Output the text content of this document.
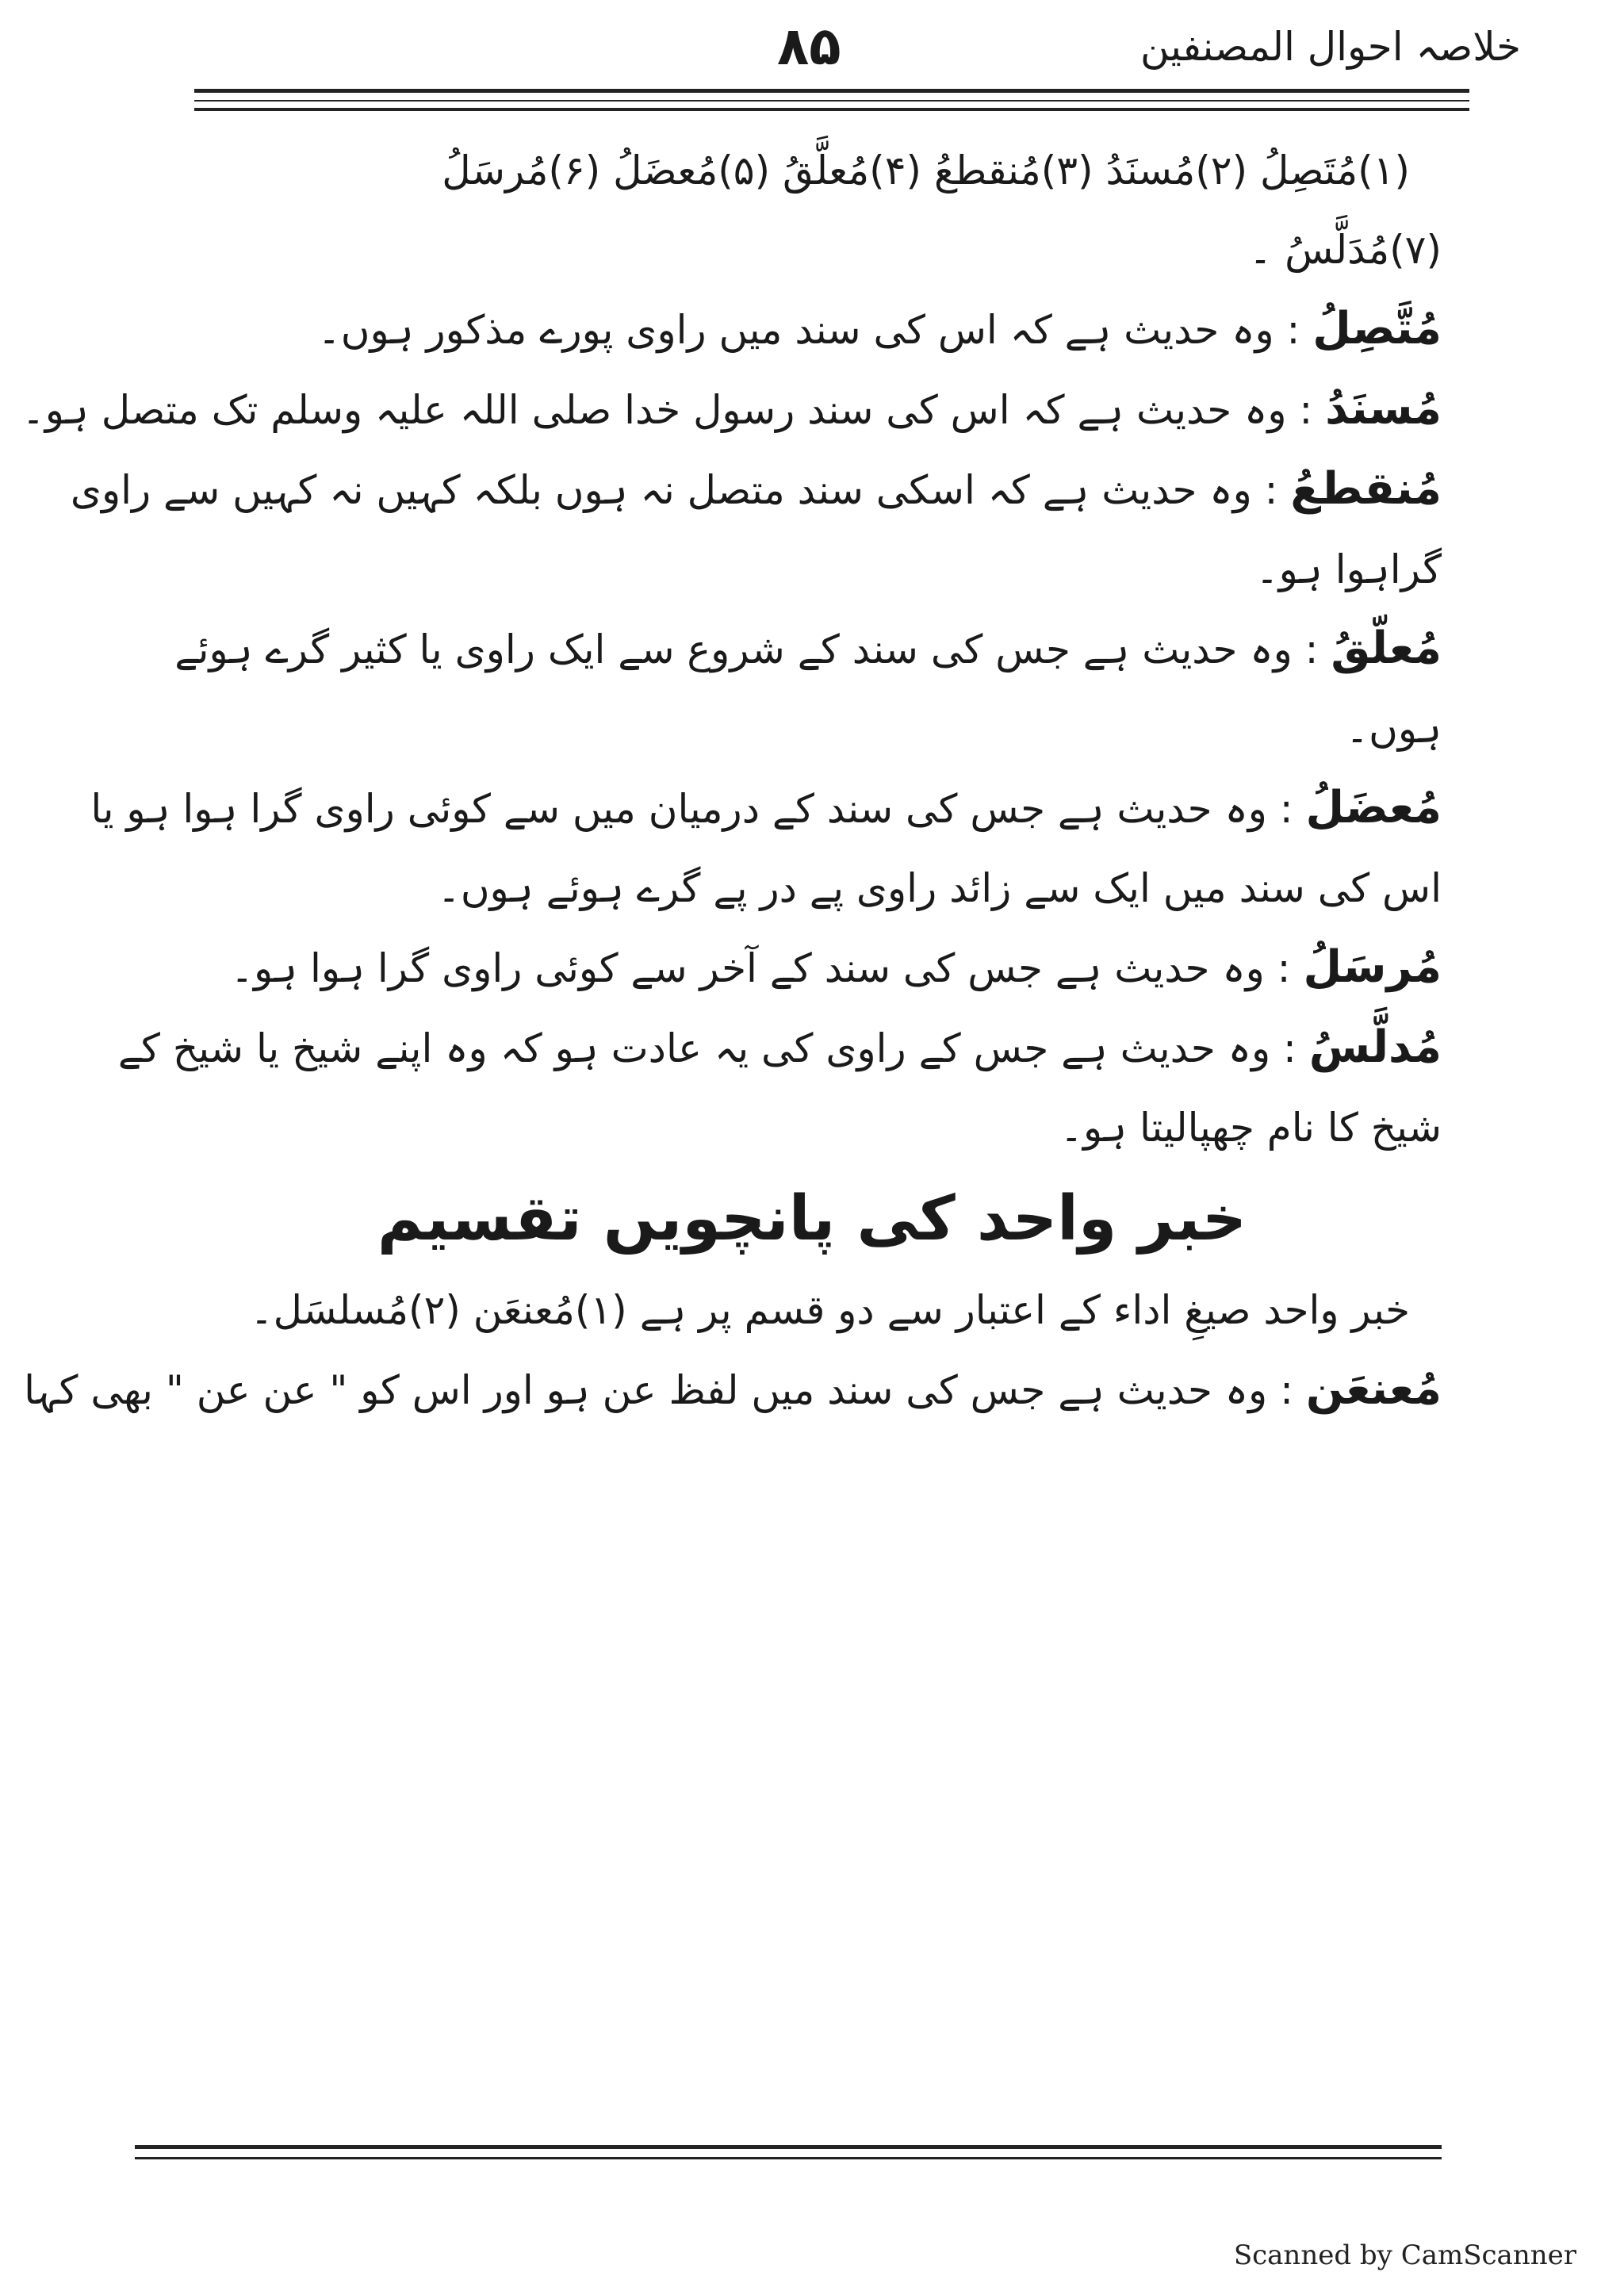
خلاصہ احوال المصنفین
۸۵
(۱)مُتَصِلُ (۲)مُسنَدُ (۳)مُنقطعُ (۴)مُعلَّقُ (۵)مُعضَلُ (۶)مُرسَلُ
(۷)مُدَلَّسُ ۔
مُتَّصِلُ : وہ حدیث ہے کہ اس کی سند میں راوی پورے مذکور ہوں۔
مُسنَدُ : وہ حدیث ہے کہ اس کی سند رسول خدا صلی اللہ علیہ وسلم تک متصل ہو۔
مُنقطعُ : وہ حدیث ہے کہ اسکی سند متصل نہ ہوں بلکہ کہیں نہ کہیں سے راوی
گراہوا ہو۔
مُعلّقُ : وہ حدیث ہے جس کی سند کے شروع سے ایک راوی یا کثیر گرے ہوئے
ہوں۔
مُعضَلُ : وہ حدیث ہے جس کی سند کے درمیان میں سے کوئی راوی گرا ہوا ہو یا
اس کی سند میں ایک سے زائد راوی پے در پے گرے ہوئے ہوں۔
مُرسَلُ : وہ حدیث ہے جس کی سند کے آخر سے کوئی راوی گرا ہوا ہو۔
مُدلَّسُ : وہ حدیث ہے جس کے راوی کی یہ عادت ہو کہ وہ اپنے شیخ یا شیخ کے
شیخ کا نام چھپالیتا ہو۔
خبر واحد کی پانچویں تقسیم
خبر واحد صیغِ اداء کے اعتبار سے دو قسم پر ہے (۱)مُعنعَن (۲)مُسلسَل۔
مُعنعَن : وہ حدیث ہے جس کی سند میں لفظ عن ہو اور اس کو " عن عن " بھی کہا
Scanned by CamScanner
